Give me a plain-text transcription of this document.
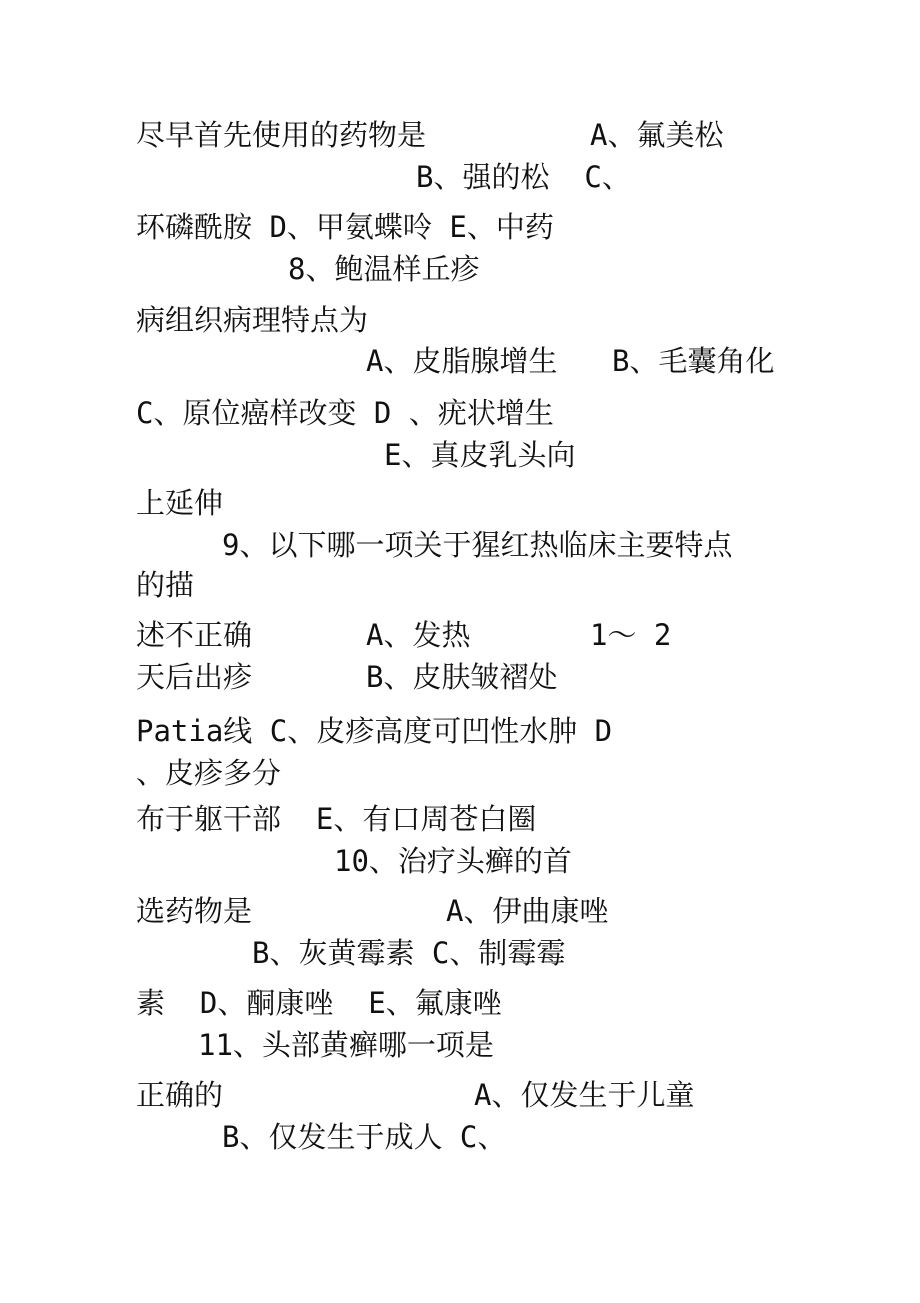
尽早首先使用的药物是	A、氟美松
B、强的松  C、
环磷酰胺 D、甲氨蝶呤 E、中药
8、鲍温样丘疹
病组织病理特点为
A、皮脂腺增生 B、毛囊角化
C、原位癌样改变 D 、疣状增生
E、真皮乳头向
上延伸
9、以下哪一项关于猩红热临床主要特点
的描
述不正确	A、发热	1～ 2
天后出疹	B、皮肤皱褶处
Patia线 C、皮疹高度可凹性水肿 D
、皮疹多分
布于躯干部  E、有口周苍白圈
10、治疗头癣的首
选药物是	A、伊曲康唑
B、灰黄霉素 C、制霉霉
素  D、酮康唑  E、氟康唑
11、头部黄癣哪一项是
正确的	A、仅发生于儿童
B、仅发生于成人 C、
